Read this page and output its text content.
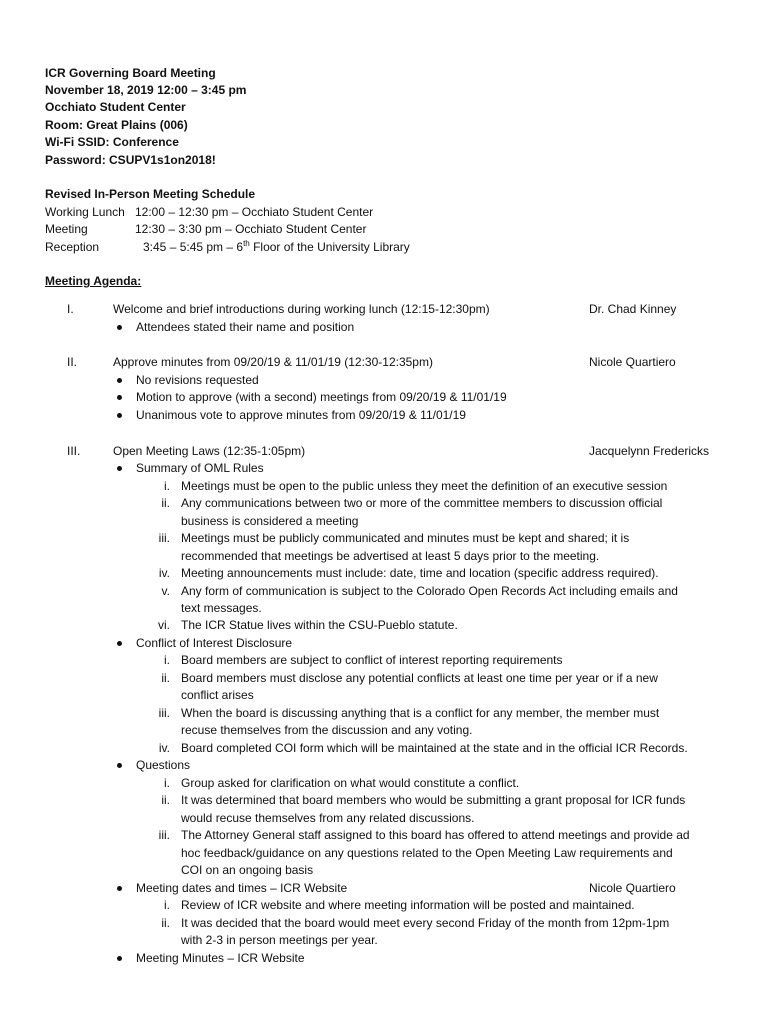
ICR Governing Board Meeting
November 18, 2019 12:00 – 3:45 pm
Occhiato Student Center
Room: Great Plains (006)
Wi-Fi SSID: Conference
Password: CSUPV1s1on2018!
Revised In-Person Meeting Schedule
Working Lunch 12:00 – 12:30 pm – Occhiato Student Center
Meeting	12:30 – 3:30 pm – Occhiato Student Center
Reception	3:45 – 5:45 pm – 6th Floor of the University Library
Meeting Agenda:
I.	Welcome and brief introductions during working lunch (12:15-12:30pm)	Dr. Chad Kinney
Attendees stated their name and position
II.	Approve minutes from 09/20/19 & 11/01/19 (12:30-12:35pm)	Nicole Quartiero
No revisions requested
Motion to approve (with a second) meetings from 09/20/19 & 11/01/19
Unanimous vote to approve minutes from 09/20/19 & 11/01/19
III.	Open Meeting Laws (12:35-1:05pm)	Jacquelynn Fredericks
Summary of OML Rules
i. Meetings must be open to the public unless they meet the definition of an executive session
ii. Any communications between two or more of the committee members to discussion official
business is considered a meeting
iii. Meetings must be publicly communicated and minutes must be kept and shared; it is
recommended that meetings be advertised at least 5 days prior to the meeting.
iv. Meeting announcements must include: date, time and location (specific address required).
v. Any form of communication is subject to the Colorado Open Records Act including emails and
text messages.
vi. The ICR Statue lives within the CSU-Pueblo statute.
Conflict of Interest Disclosure
i. Board members are subject to conflict of interest reporting requirements
ii. Board members must disclose any potential conflicts at least one time per year or if a new
conflict arises
iii. When the board is discussing anything that is a conflict for any member, the member must
recuse themselves from the discussion and any voting.
iv. Board completed COI form which will be maintained at the state and in the official ICR Records.
Questions
i. Group asked for clarification on what would constitute a conflict.
ii. It was determined that board members who would be submitting a grant proposal for ICR funds
would recuse themselves from any related discussions.
iii. The Attorney General staff assigned to this board has offered to attend meetings and provide ad
hoc feedback/guidance on any questions related to the Open Meeting Law requirements and
COI on an ongoing basis
Meeting dates and times – ICR Website	Nicole Quartiero
i. Review of ICR website and where meeting information will be posted and maintained.
ii. It was decided that the board would meet every second Friday of the month from 12pm-1pm
with 2-3 in person meetings per year.
Meeting Minutes – ICR Website
